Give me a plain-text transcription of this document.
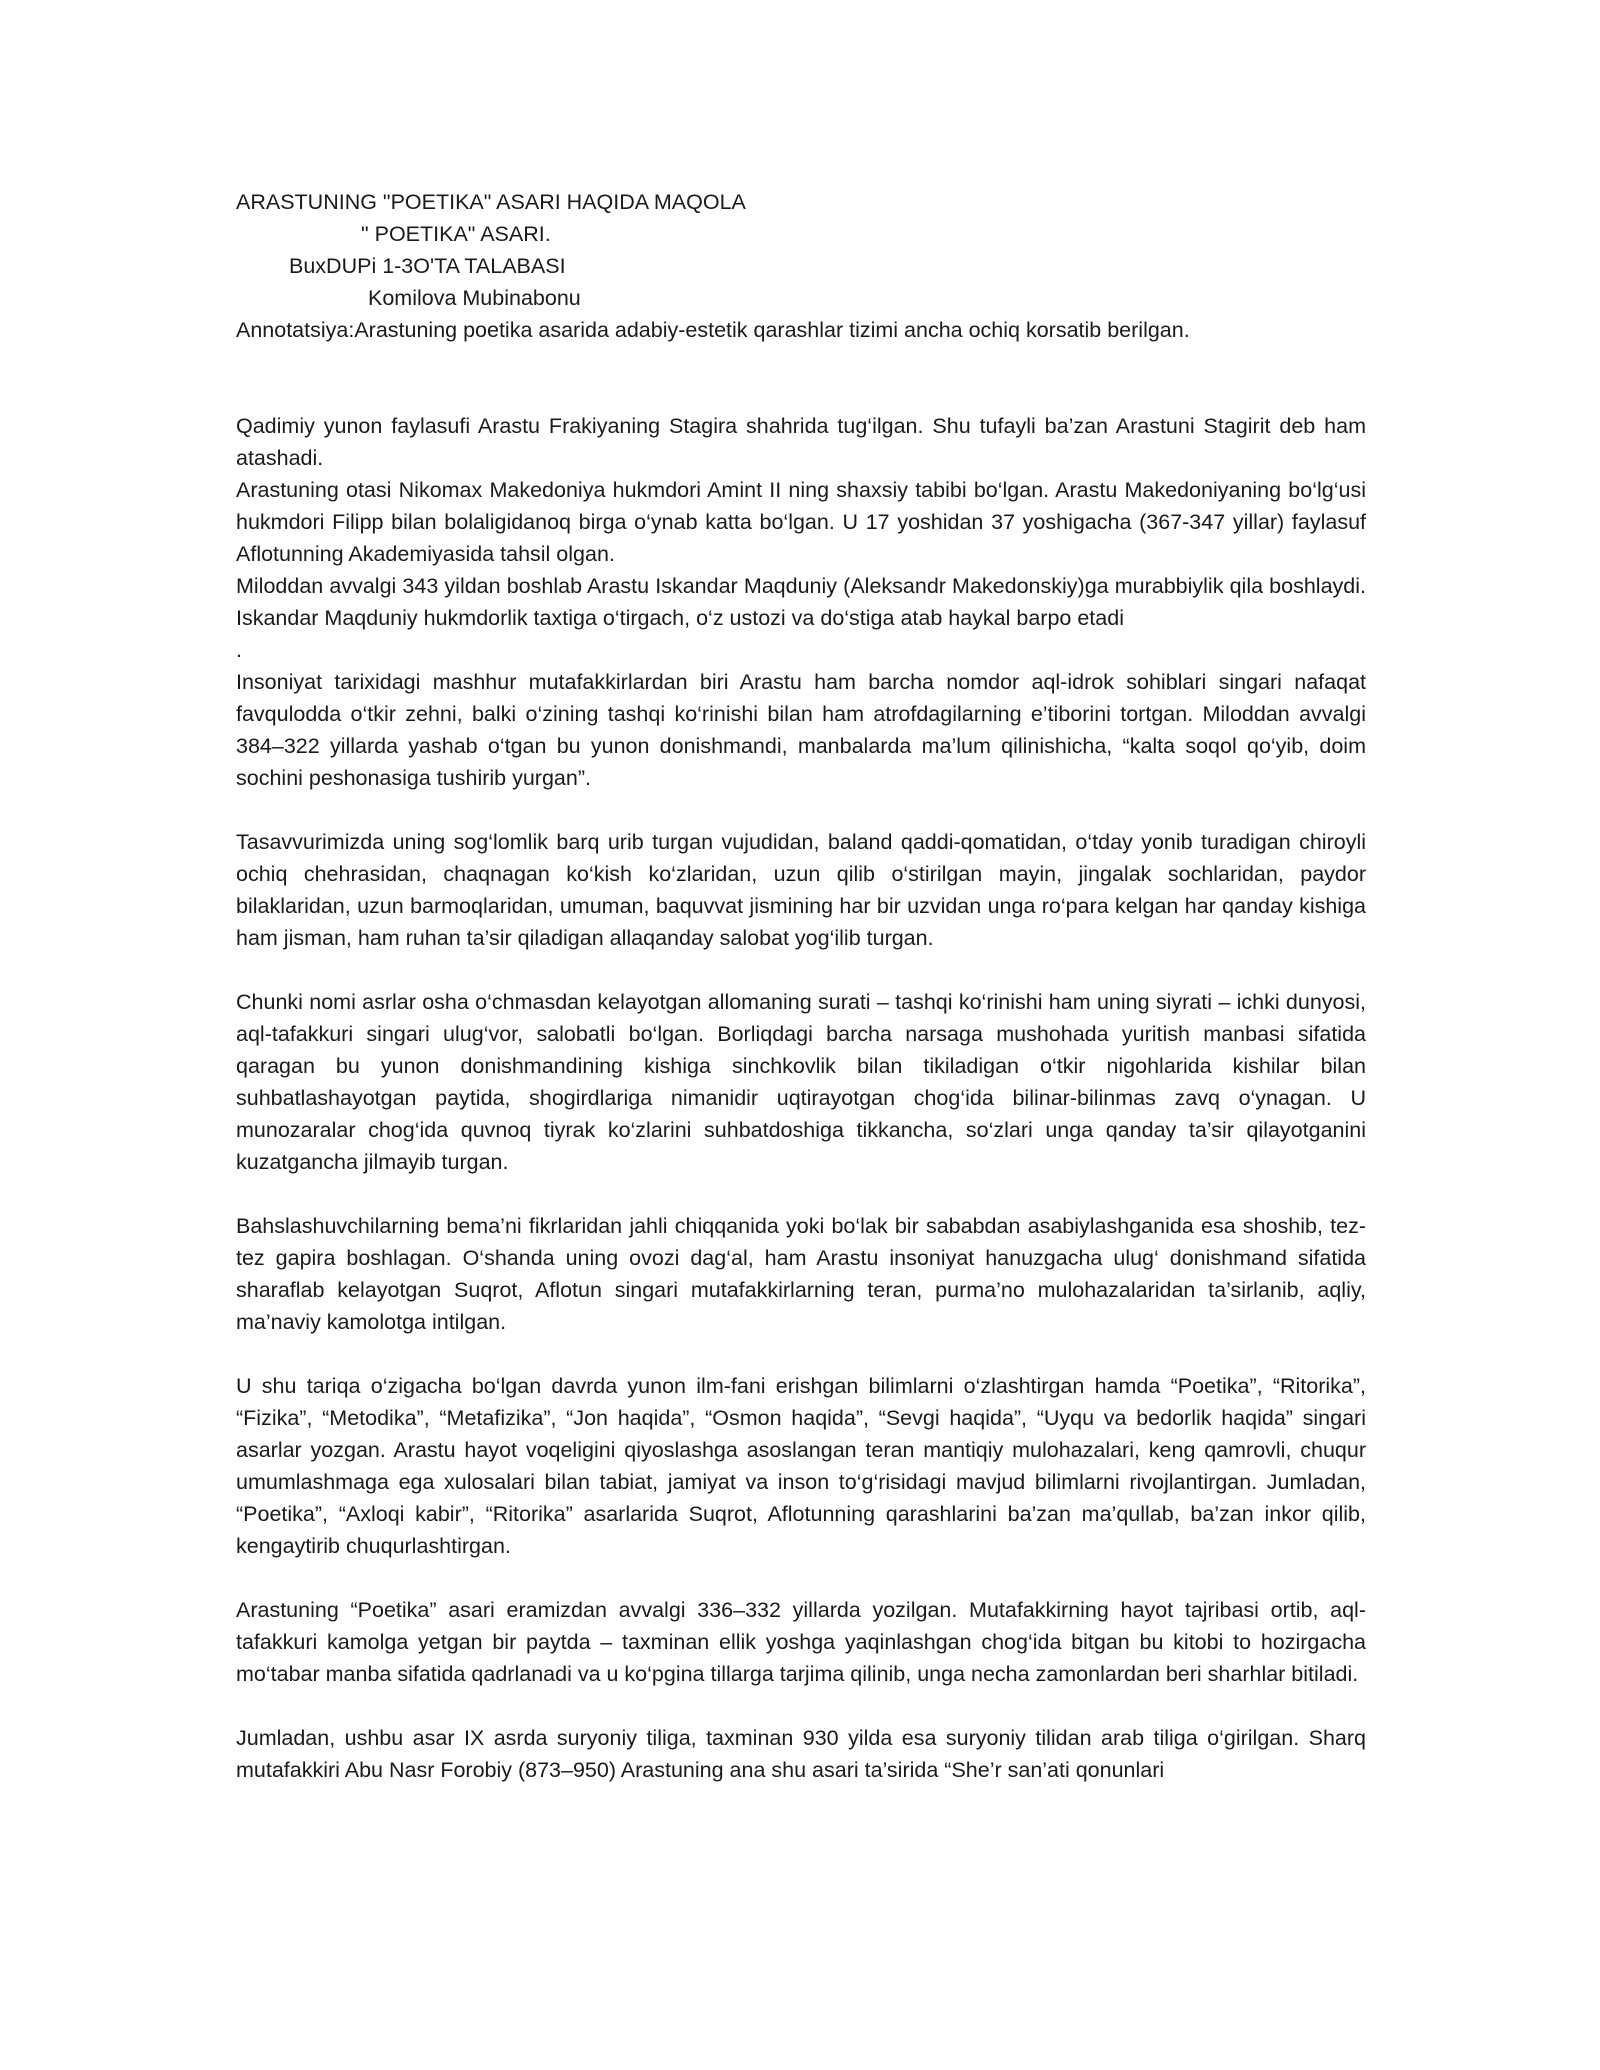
ARASTUNING "POETIKA" ASARI HAQIDA MAQOLA

" POETIKA" ASARI.

BuxDUPi 1-3O'TA TALABASI

Komilova Mubinabonu

Annotatsiya:Arastuning poetika asarida adabiy-estetik qarashlar tizimi ancha ochiq korsatib berilgan.

Qadimiy yunon faylasufi Arastu Frakiyaning Stagira shahrida tug‘ilgan. Shu tufayli ba’zan Arastuni Stagirit deb ham atashadi.

Arastuning otasi Nikomax Makedoniya hukmdori Amint II ning shaxsiy tabibi bo‘lgan. Arastu Makedoniyaning bo‘lg‘usi hukmdori Filipp bilan bolaligidanoq birga o‘ynab katta bo‘lgan. U 17 yoshidan 37 yoshigacha (367-347 yillar) faylasuf Aflotunning Akademiyasida tahsil olgan.

Miloddan avvalgi 343 yildan boshlab Arastu Iskandar Maqduniy (Aleksandr Makedonskiy)ga murabbiylik qila boshlaydi. Iskandar Maqduniy hukmdorlik taxtiga o‘tirgach, o‘z ustozi va do‘stiga atab haykal barpo etadi

.

Insoniyat tarixidagi mashhur mutafakkirlardan biri Arastu ham barcha nomdor aql-idrok sohiblari singari nafaqat favqulodda o‘tkir zehni, balki o‘zining tashqi ko‘rinishi bilan ham atrofdagilarning e’tiborini tortgan. Miloddan avvalgi 384–322 yillarda yashab o‘tgan bu yunon donishmandi, manbalarda ma’lum qilinishicha, “kalta soqol qo‘yib, doim sochini peshonasiga tushirib yurgan”.

Tasavvurimizda uning sog‘lomlik barq urib turgan vujudidan, baland qaddi-qomatidan, o‘tday yonib turadigan chiroyli ochiq chehrasidan, chaqnagan ko‘kish ko‘zlaridan, uzun qilib o‘stirilgan mayin, jingalak sochlaridan, paydor bilaklaridan, uzun barmoqlaridan, umuman, baquvvat jismining har bir uzvidan unga ro‘para kelgan har qanday kishiga ham jisman, ham ruhan ta’sir qiladigan allaqanday salobat yog‘ilib turgan.

Chunki nomi asrlar osha o‘chmasdan kelayotgan allomaning surati – tashqi ko‘rinishi ham uning siyrati – ichki dunyosi, aql-tafakkuri singari ulug‘vor, salobatli bo‘lgan. Borliqdagi barcha narsaga mushohada yuritish manbasi sifatida qaragan bu yunon donishmandining kishiga sinchkovlik bilan tikiladigan o‘tkir nigohlarida kishilar bilan suhbatlashayotgan paytida, shogirdlariga nimanidir uqtirayotgan chog‘ida bilinar-bilinmas zavq o‘ynagan. U munozaralar chog‘ida quvnoq tiyrak ko‘zlarini suhbatdoshiga tikkancha, so‘zlari unga qanday ta’sir qilayotganini kuzatgancha jilmayib turgan.

Bahslashuvchilarning bema’ni fikrlaridan jahli chiqqanida yoki bo‘lak bir sababdan asabiylashganida esa shoshib, tez-tez gapira boshlagan. O‘shanda uning ovozi dag‘al, ham Arastu insoniyat hanuzgacha ulug‘ donishmand sifatida sharaflab kelayotgan Suqrot, Aflotun singari mutafakkirlarning teran, purma’no mulohazalaridan ta’sirlanib, aqliy, ma’naviy kamolotga intilgan.

U shu tariqa o‘zigacha bo‘lgan davrda yunon ilm-fani erishgan bilimlarni o‘zlashtirgan hamda “Poetika”, “Ritorika”, “Fizika”, “Metodika”, “Metafizika”, “Jon haqida”, “Osmon haqida”, “Sevgi haqida”, “Uyqu va bedorlik haqida” singari asarlar yozgan. Arastu hayot voqeligini qiyoslashga asoslangan teran mantiqiy mulohazalari, keng qamrovli, chuqur umumlashmaga ega xulosalari bilan tabiat, jamiyat va inson to‘g‘risidagi mavjud bilimlarni rivojlantirgan. Jumladan, “Poetika”, “Axloqi kabir”, “Ritorika” asarlarida Suqrot, Aflotunning qarashlarini ba’zan ma’qullab, ba’zan inkor qilib, kengaytirib chuqurlashtirgan.

Arastuning “Poetika” asari eramizdan avvalgi 336–332 yillarda yozilgan. Mutafakkirning hayot tajribasi ortib, aql-tafakkuri kamolga yetgan bir paytda – taxminan ellik yoshga yaqinlashgan chog‘ida bitgan bu kitobi to hozirgacha mo‘tabar manba sifatida qadrlanadi va u ko‘pgina tillarga tarjima qilinib, unga necha zamonlardan beri sharhlar bitiladi.

Jumladan, ushbu asar IX asrda suryoniy tiliga, taxminan 930 yilda esa suryoniy tilidan arab tiliga o‘girilgan. Sharq mutafakkiri Abu Nasr Forobiy (873–950) Arastuning ana shu asari ta’sirida “She’r san’ati qonunlari
